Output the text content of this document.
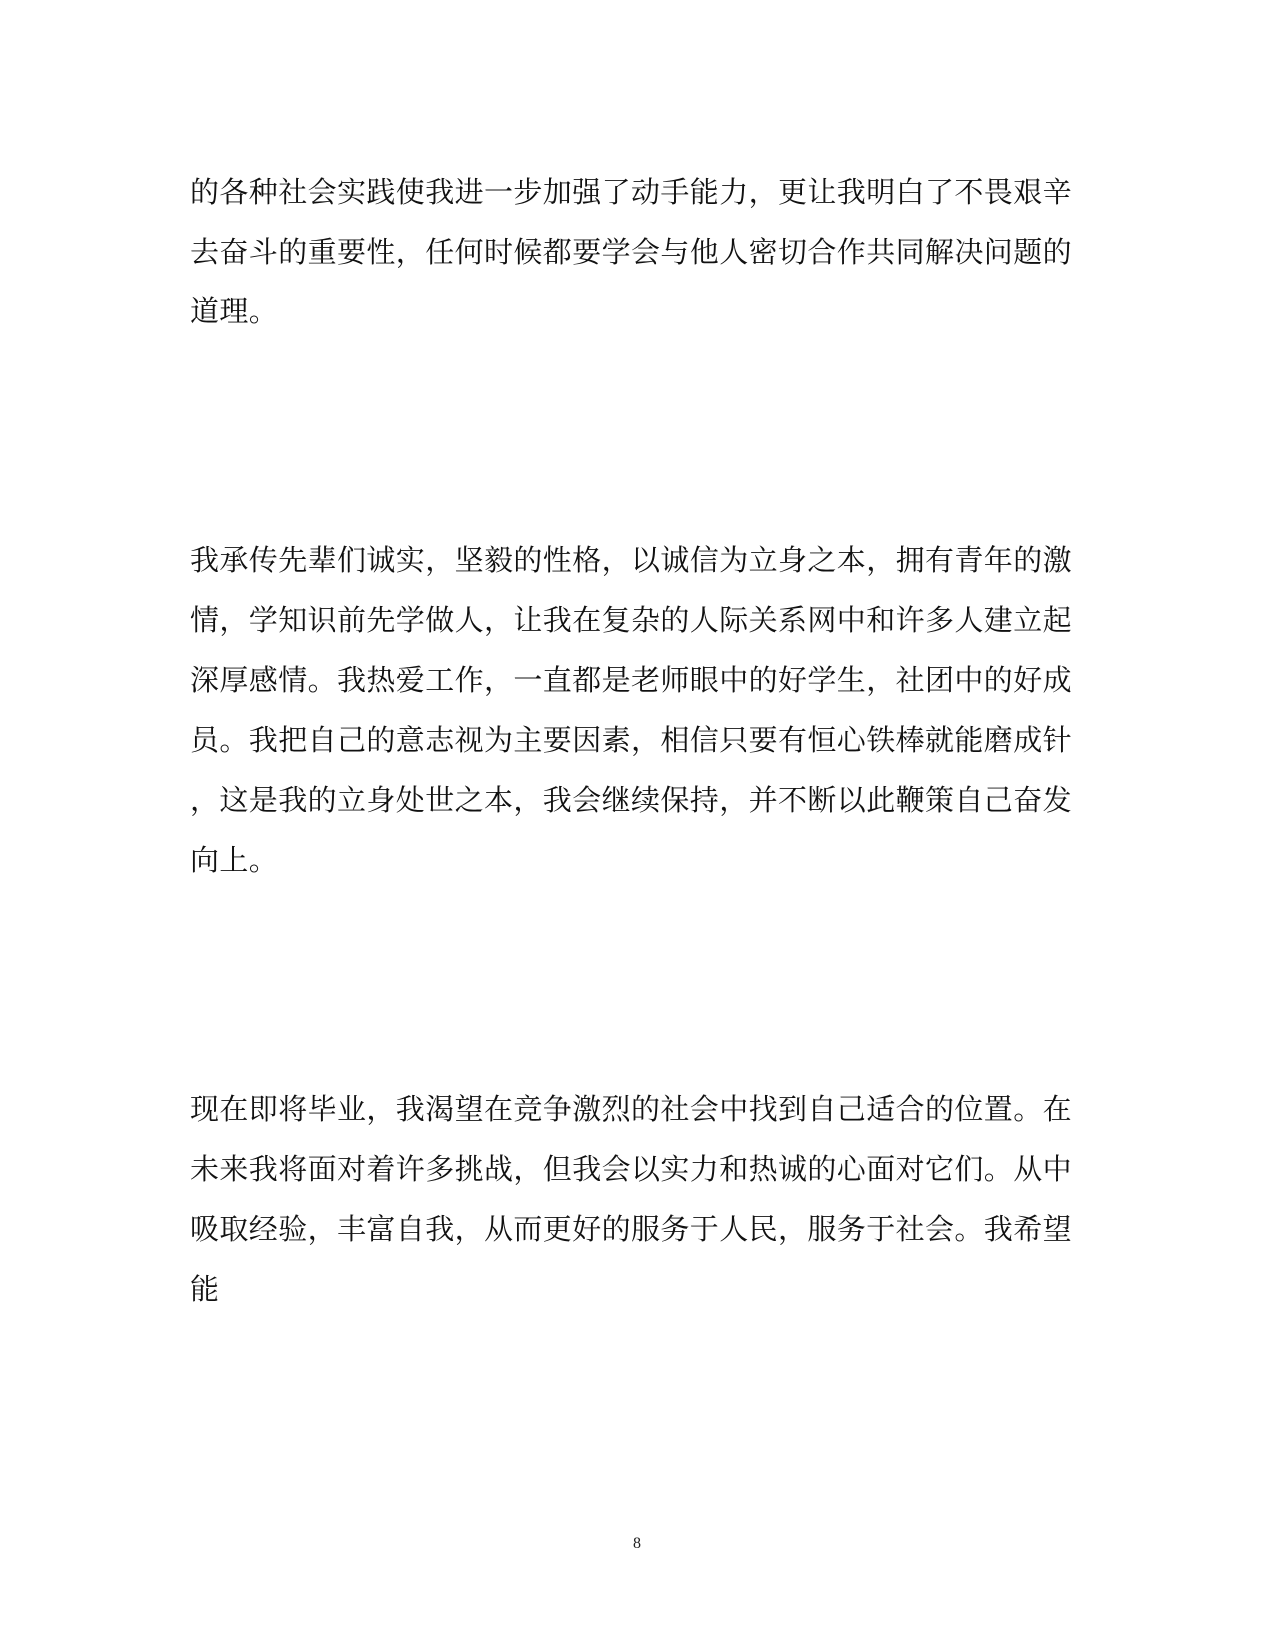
的各种社会实践使我进一步加强了动手能力，更让我明白了不畏艰辛
去奋斗的重要性，任何时候都要学会与他人密切合作共同解决问题的
道理。
我承传先辈们诚实，坚毅的性格，以诚信为立身之本，拥有青年的激
情，学知识前先学做人，让我在复杂的人际关系网中和许多人建立起
深厚感情。我热爱工作，一直都是老师眼中的好学生，社团中的好成
员。我把自己的意志视为主要因素，相信只要有恒心铁棒就能磨成针
，这是我的立身处世之本，我会继续保持，并不断以此鞭策自己奋发
向上。
现在即将毕业，我渴望在竞争激烈的社会中找到自己适合的位置。在
未来我将面对着许多挑战，但我会以实力和热诚的心面对它们。从中
吸取经验，丰富自我，从而更好的服务于人民，服务于社会。我希望
能
8
